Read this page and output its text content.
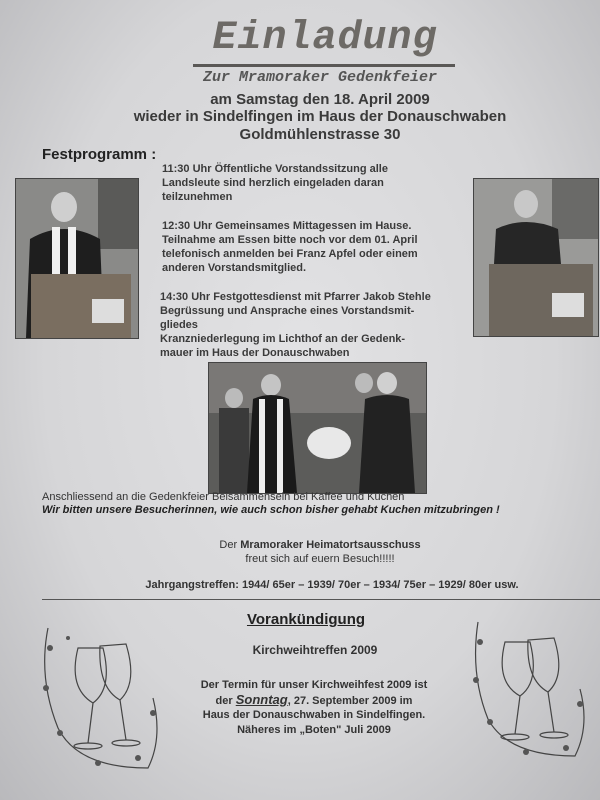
Einladung
Zur Mramoraker Gedenkfeier
am Samstag den 18. April 2009
wieder in Sindelfingen im Haus der Donauschwaben
Goldmühlenstrasse 30
Festprogramm :
11:30 Uhr Öffentliche Vorstandssitzung alle
Landsleute sind herzlich eingeladen daran
teilzunehmen
12:30 Uhr Gemeinsames Mittagessen im Hause.
Teilnahme am Essen bitte noch vor dem 01. April
telefonisch anmelden bei Franz Apfel oder einem
anderen Vorstandsmitglied.
14:30 Uhr Festgottesdienst mit Pfarrer Jakob Stehle
Begrüssung und Ansprache eines Vorstandsmit-
gliedes
Kranzniederlegung im Lichthof an der Gedenk-
mauer im Haus der Donauschwaben
Anschliessend an die Gedenkfeier Beisammensein bei Kaffee und Kuchen
Wir bitten unsere Besucherinnen, wie auch schon bisher gehabt Kuchen mitzubringen !
Der Mramoraker Heimatortsausschuss
freut sich auf euern Besuch!!!!!
Jahrgangstreffen: 1944/ 65er – 1939/ 70er – 1934/ 75er – 1929/ 80er usw.
Vorankündigung
Kirchweihtreffen 2009
Der Termin für unser Kirchweihfest 2009 ist
der Sonntag, 27. September 2009 im
Haus der Donauschwaben in Sindelfingen.
Näheres im „Boten" Juli 2009
